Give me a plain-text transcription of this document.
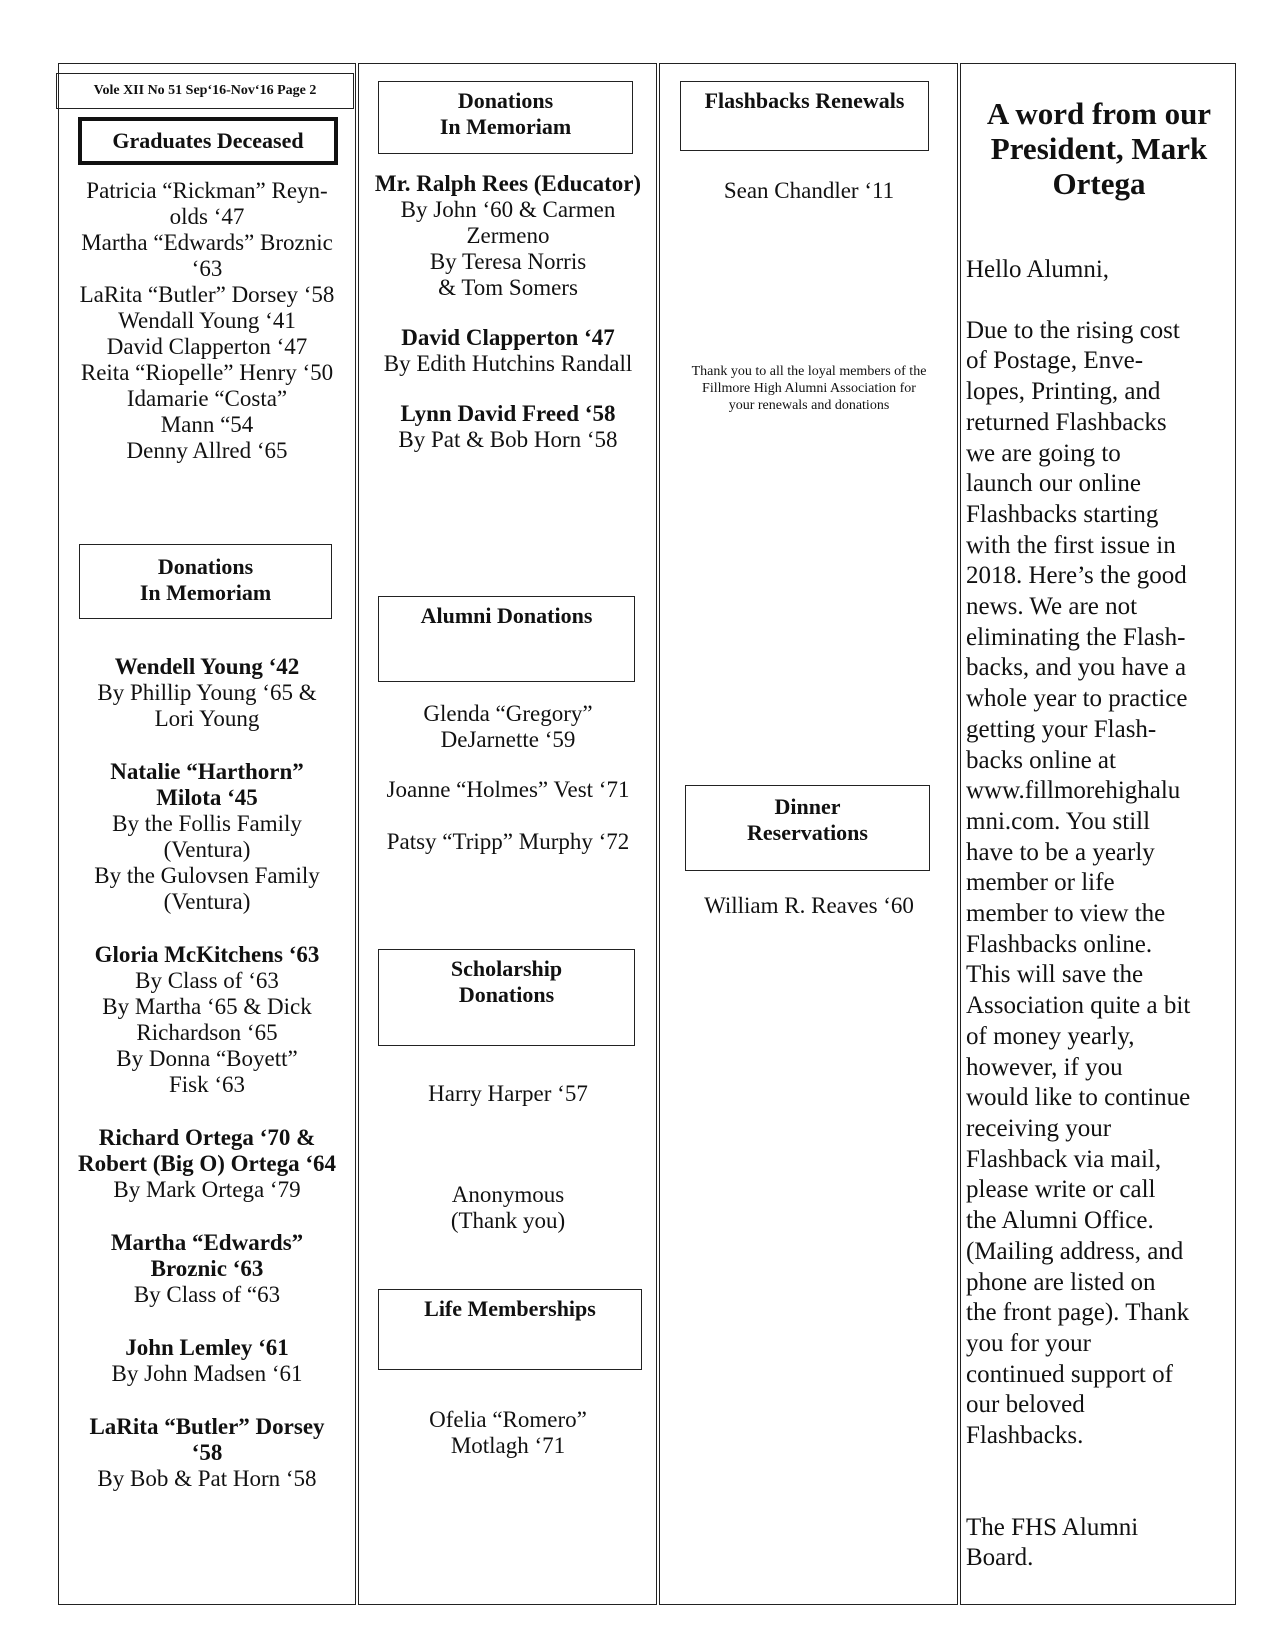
Vole XII No 51 Sep‘16-Nov‘16 Page 2
Graduates Deceased
Patricia “Rickman” Reyn-
olds ‘47
Martha “Edwards” Broznic
‘63
LaRita “Butler” Dorsey ‘58
Wendall Young ‘41
David Clapperton ‘47
Reita “Riopelle” Henry ‘50
Idamarie “Costa”
Mann “54
Denny Allred ‘65
Donations
In Memoriam
Wendell Young ‘42
By Phillip Young ‘65 &
Lori Young
Natalie “Harthorn”
Milota ‘45
By the Follis Family
(Ventura)
By the Gulovsen Family
(Ventura)
Gloria McKitchens ‘63
By Class of ‘63
By Martha ‘65 & Dick
Richardson ‘65
By Donna “Boyett”
Fisk ‘63
Richard Ortega ‘70 &
Robert (Big O) Ortega ‘64
By Mark Ortega ‘79
Martha “Edwards”
Broznic ‘63
By Class of “63
John Lemley ‘61
By John Madsen ‘61
LaRita “Butler” Dorsey
‘58
By Bob & Pat Horn ‘58
Donations
In Memoriam
Mr. Ralph Rees (Educator)
By John ‘60 & Carmen
Zermeno
By Teresa Norris
& Tom Somers
David Clapperton ‘47
By Edith Hutchins Randall
Lynn David Freed ‘58
By Pat & Bob Horn ‘58
Alumni Donations
Glenda “Gregory”
DeJarnette ‘59
Joanne “Holmes” Vest ‘71
Patsy “Tripp” Murphy ‘72
Scholarship
Donations
Harry Harper ‘57
Anonymous
(Thank you)
Life Memberships
Ofelia “Romero”
Motlagh ‘71
Flashbacks Renewals
Sean Chandler ‘11
Thank you to all the loyal members of the
Fillmore High Alumni Association for
your renewals and donations
Dinner
Reservations
William R. Reaves ‘60
A word from our
President, Mark
Ortega

Hello Alumni,

Due to the rising cost
of Postage, Enve-
lopes, Printing, and
returned Flashbacks
we are going to
launch our online
Flashbacks starting
with the first issue in
2018. Here’s the good
news. We are not
eliminating the Flash-
backs, and you have a
whole year to practice
getting your Flash-
backs online at
www.fillmorehighalu
mni.com. You still
have to be a yearly
member or life
member to view the
Flashbacks online.
This will save the
Association quite a bit
of money yearly,
however, if you
would like to continue
receiving your
Flashback via mail,
please write or call
the Alumni Office.
(Mailing address, and
phone are listed on
the front page). Thank
you for your
continued support of
our beloved
Flashbacks.

The FHS Alumni

Board.
